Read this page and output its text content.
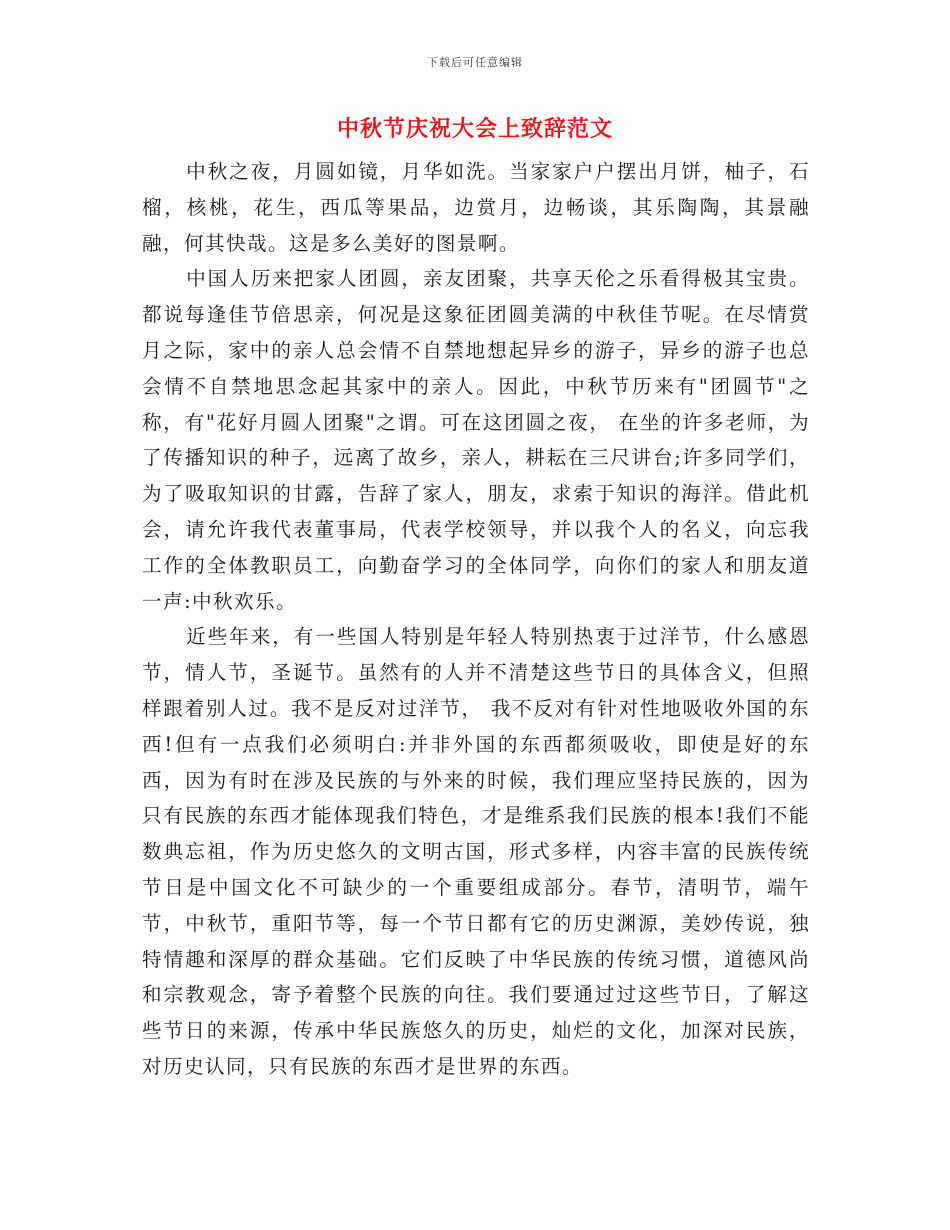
下载后可任意编辑
中秋节庆祝大会上致辞范文

中秋之夜，月圆如镜，月华如洗。当家家户户摆出月饼，柚子，石榴，核桃，花生，西瓜等果品，边赏月，边畅谈，其乐陶陶，其景融融，何其快哉。这是多么美好的图景啊。

中国人历来把家人团圆，亲友团聚，共享天伦之乐看得极其宝贵。都说每逢佳节倍思亲，何况是这象征团圆美满的中秋佳节呢。在尽情赏月之际，家中的亲人总会情不自禁地想起异乡的游子，异乡的游子也总会情不自禁地思念起其家中的亲人。因此，中秋节历来有"团圆节"之称，有"花好月圆人团聚"之谓。可在这团圆之夜， 在坐的许多老师，为了传播知识的种子，远离了故乡，亲人，耕耘在三尺讲台;许多同学们，为了吸取知识的甘露，告辞了家人，朋友，求索于知识的海洋。借此机会，请允许我代表董事局，代表学校领导，并以我个人的名义，向忘我工作的全体教职员工，向勤奋学习的全体同学，向你们的家人和朋友道一声:中秋欢乐。

近些年来，有一些国人特别是年轻人特别热衷于过洋节，什么感恩节，情人节，圣诞节。虽然有的人并不清楚这些节日的具体含义，但照样跟着别人过。我不是反对过洋节， 我不反对有针对性地吸收外国的东西!但有一点我们必须明白:并非外国的东西都须吸收，即使是好的东西，因为有时在涉及民族的与外来的时候，我们理应坚持民族的，因为只有民族的东西才能体现我们特色，才是维系我们民族的根本!我们不能数典忘祖，作为历史悠久的文明古国，形式多样，内容丰富的民族传统节日是中国文化不可缺少的一个重要组成部分。春节，清明节，端午节，中秋节，重阳节等，每一个节日都有它的历史渊源，美妙传说，独特情趣和深厚的群众基础。它们反映了中华民族的传统习惯，道德风尚和宗教观念，寄予着整个民族的向往。我们要通过过这些节日，了解这些节日的来源，传承中华民族悠久的历史，灿烂的文化，加深对民族，对历史认同，只有民族的东西才是世界的东西。
